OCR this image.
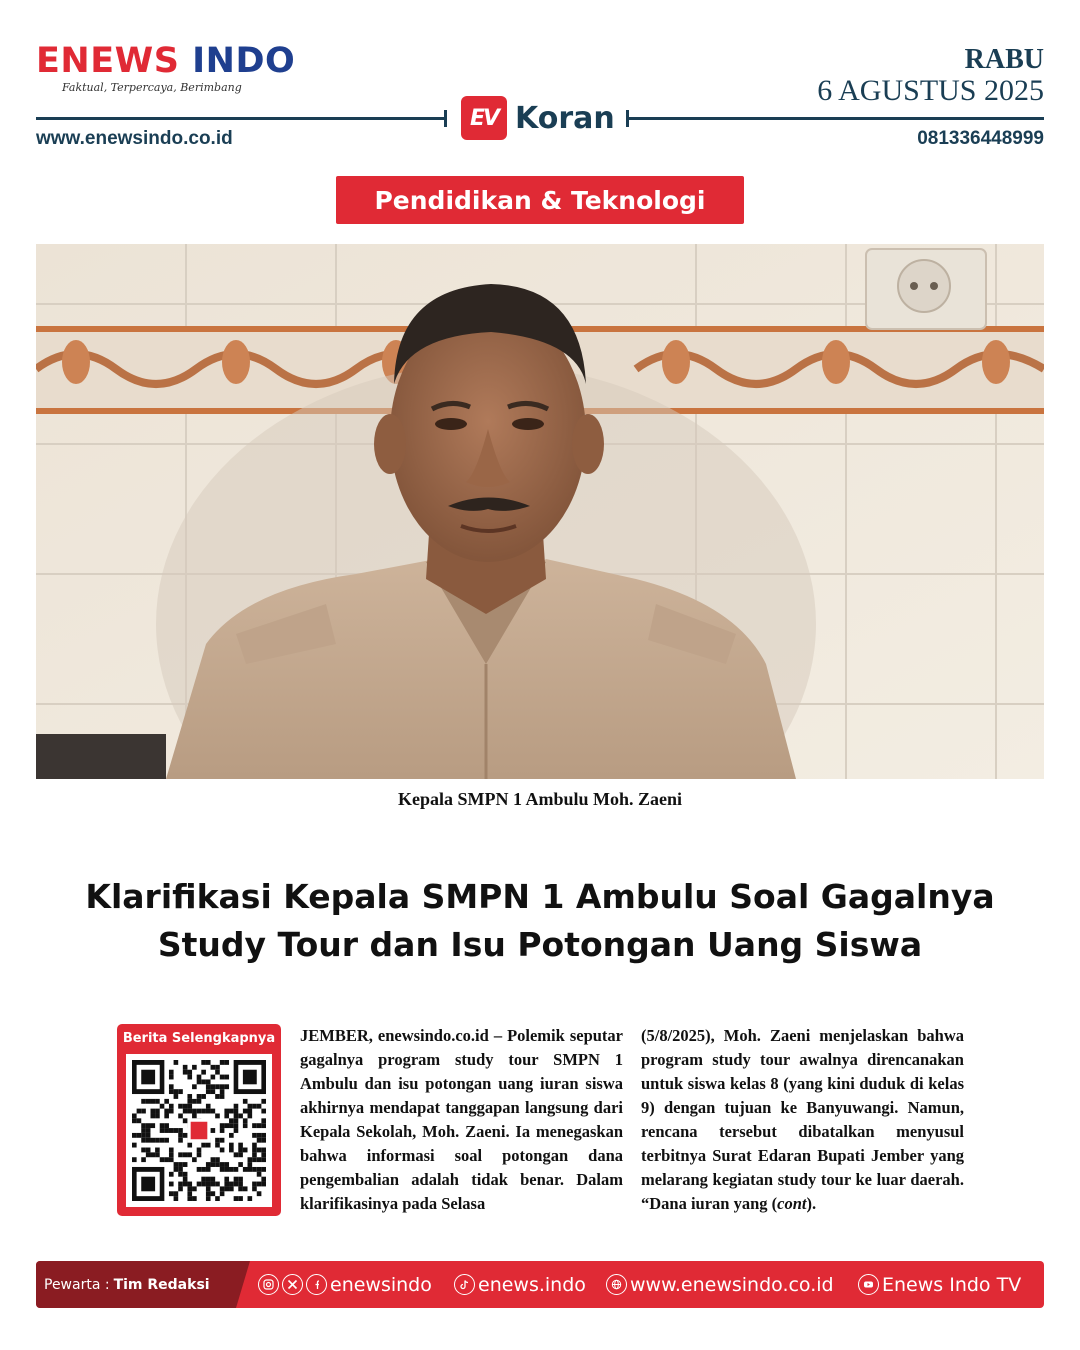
ENEWS INDO
Faktual, Terpercaya, Berimbang
RABU
6 AGUSTUS 2025
EV Koran
www.enewsindo.co.id	081336448999
Pendidikan & Teknologi
Kepala SMPN 1 Ambulu Moh. Zaeni
Klarifikasi Kepala SMPN 1 Ambulu Soal Gagalnya
Study Tour dan Isu Potongan Uang Siswa
Berita Selengkapnya	JEMBER, enewsindo.co.id – Polemik seputar gagalnya program study tour SMPN 1 Ambulu dan isu potongan uang iuran siswa akhirnya mendapat tanggapan langsung dari Kepala Sekolah, Moh. Zaeni. Ia menegaskan bahwa informasi soal potongan dana pengembalian adalah tidak benar. Dalam klarifikasinya pada Selasa
(5/8/2025), Moh. Zaeni menjelaskan bahwa program study tour awalnya direncanakan untuk siswa kelas 8 (yang kini duduk di kelas 9) dengan tujuan ke Banyuwangi. Namun, rencana tersebut dibatalkan menyusul terbitnya Surat Edaran Bupati Jember yang melarang kegiatan study tour ke luar daerah. “Dana iuran yang (cont).
Pewarta : Tim Redaksi	enewsindo enews.indo www.enewsindo.co.id	Enews Indo TV
